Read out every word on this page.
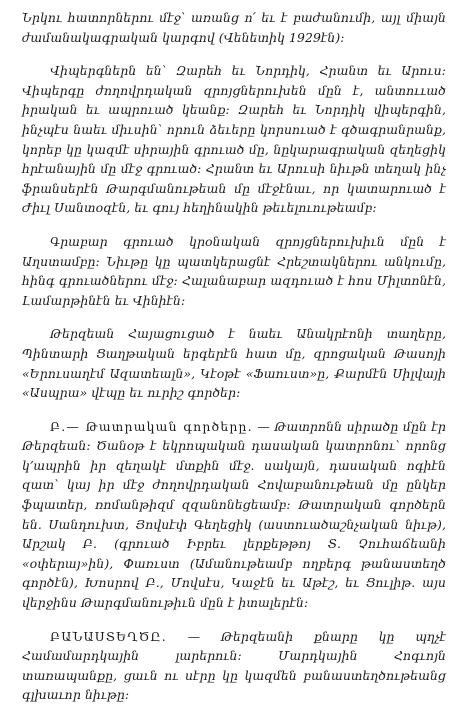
Նրկու հատորներու մէջ՝ առանց ո՛ եւ է բաժանումի, այլ միայն ժամանակագրական կարգով (Վենետիկ 1929էն):

Վիպերգներն են՝ Զարեհ եւ Նորդիկ, Հրանտ եւ Արուս: Վիպերգը ժողովրդական զրոյցներուխեն մըն է, անտոււած իրական եւ ապրուած կեանք: Զարեհ եւ Նորդիկ վիպերգին, ինչպէս նաեւ միւսին՝ որուն ձեւերը կորսուած է գծագրանրանք, կորեբ կը կազմէ սիրային գրուած մը, նըկարագրական զեղեցիկ հրէանային մը մէջ գրուած: Հրանտ եւ Արուսի նիւթն տեղակ ինչ ֆրանսերէն Թարգմանութեան մը մէջէնաւ, որ կատարուած է Ժիւլ Սանտօզէն, եւ գույ հեղինակին թեւելուութեամբ:

Գրաբար գրուած կրօնական զրոյցներուխիւն մըն է Աղստամբը: Նիւթը կը պատկերացնէ Հրեշտակներու անկումը, հինգ գրուածներու մէջ: Հալանաբար ազդուած է հոս Միլտոնէն, Լամարթինէն եւ Վինիէն:

Թերզեան Հայացուցած է նաեւ Անակրէոնի տաղերը, Պինտարի Ցաղթական երգերէն հատ մը, զրոցական Թասոյի «Երուսաղէմ Ազատեալն», Կէօթէ «Ֆաուստ»ը, Քարմէն Սիլվայի «Ասպրա» վէպը եւ ուրիշ գործեր:

Բ.— Թատրական գործերը. — Թատրոնն սիրածը մըն էր Թերզեան: Ծանօթ է եկրոպական դասական կատրոնու՝ որոնց կ՚ապրին իր զեղակէ մտքին մէջ. սակայն, դասական ոգիէն զատ՝ կայ իր մէջ ժողովրդական Հովաբանութեան մը ընկեր ֆպատեր, ռոմանթիզմ զզանոնեցեամբ: Թատրական գործերն են. Սանդուխտ, Յովսէփ Գեղեցիկ (աստուածաշնչական նիւթ), Արշակ Բ. (գրուած Իբրեւ լերքեթթոյ Տ. Չուհաճեանի «օփերայ»ին), Փառւստ (Ամանութեամբ ողբերգ թանաստեղծ գործէն), Խոսրով Բ., Մովսէս, Կաջէն եւ Աթէշ, եւ Ցուլիթ. այս վերջինս Թարգմանութիւն մըն է իտալերէն:

ԲԱՆԱՍՏԵՂԾԸ. — Թերզեանի քնարը կը պղչէ Համամարդկային լարերուն: Մարդկային Հոգւոյն տառապանքը, ցաւն ու սէրը կը կազմեն բանաստեղծութեանց գլխաւոր նիւթը:
